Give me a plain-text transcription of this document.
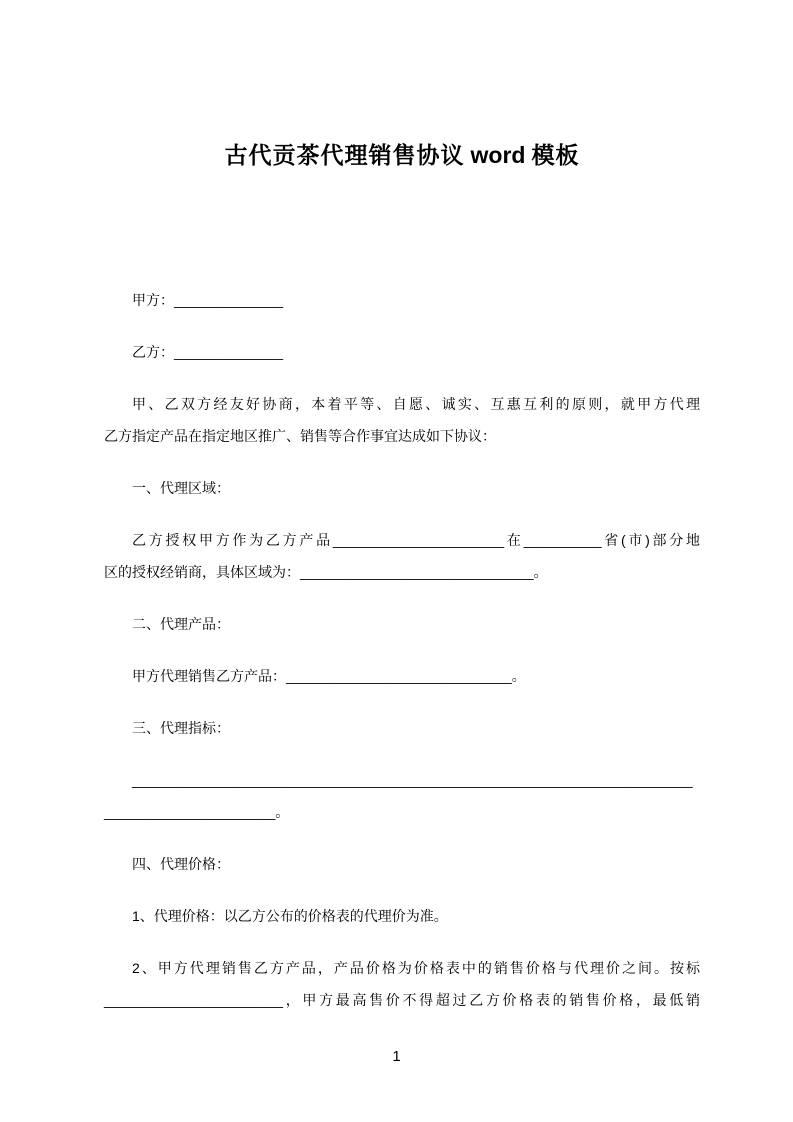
古代贡茶代理销售协议 word 模板
甲方：______________
乙方：______________
甲、乙双方经友好协商，本着平等、自愿、诚实、互惠互利的原则，就甲方代理
乙方指定产品在指定地区推广、销售等合作事宜达成如下协议：
一、代理区域：
乙方授权甲方作为乙方产品______________________在__________省(市)部分地
区的授权经销商，具体区域为：______________________________。
二、代理产品：
甲方代理销售乙方产品：_____________________________。
三、代理指标：
________________________________________________________________________
______________________。
四、代理价格：
1、代理价格：以乙方公布的价格表的代理价为准。
2、甲方代理销售乙方产品，产品价格为价格表中的销售价格与代理价之间。按标
_______________________，甲方最高售价不得超过乙方价格表的销售价格，最低销
1
